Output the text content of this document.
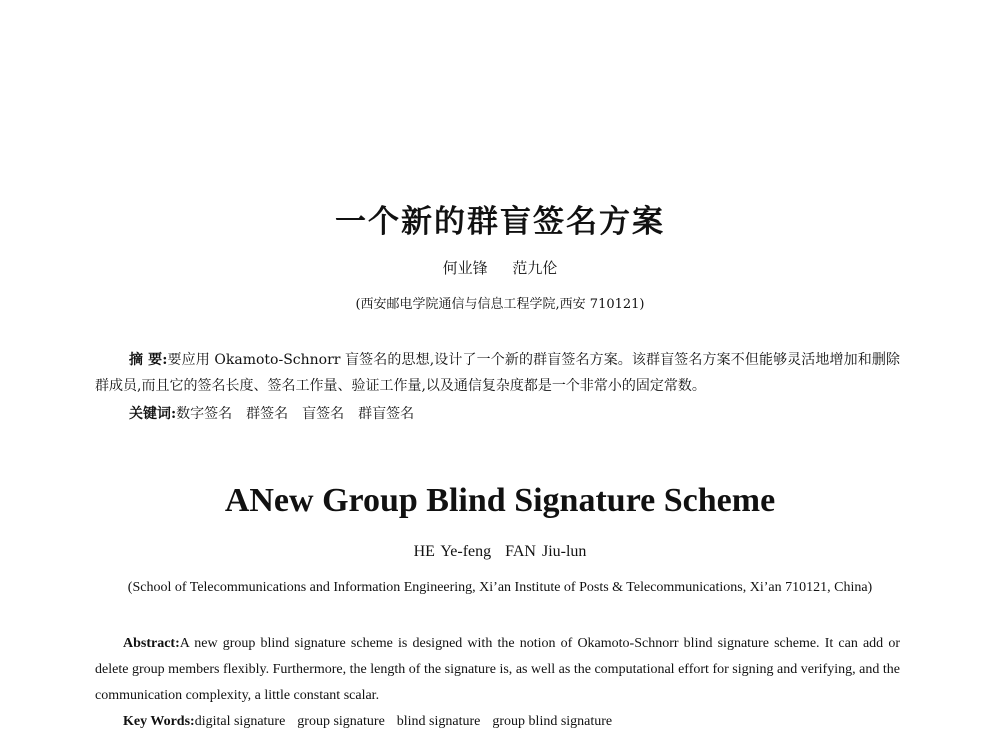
一个新的群盲签名方案
何业锋 范九伦
(西安邮电学院通信与信息工程学院,西安 710121)
摘 要:要应用 Okamoto-Schnorr 盲签名的思想,设计了一个新的群盲签名方案。该群盲签名方案不但能够灵活地增加和删除群成员,而且它的签名长度、签名工作量、验证工作量,以及通信复杂度都是一个非常小的固定常数。
关键词:数字签名 群签名 盲签名 群盲签名
ANew Group Blind Signature Scheme
HE Ye-feng FAN Jiu-lun
(School of Telecommunications and Information Engineering, Xi’an Institute of Posts & Telecommunications, Xi’an 710121, China)
Abstract:A new group blind signature scheme is designed with the notion of Okamoto-Schnorr blind signature scheme. It can add or delete group members flexibly. Furthermore, the length of the signature is, as well as the computational effort for signing and verifying, and the communication complexity, a little constant scalar.
Key Words:digital signature group signature blind signature group blind signature
